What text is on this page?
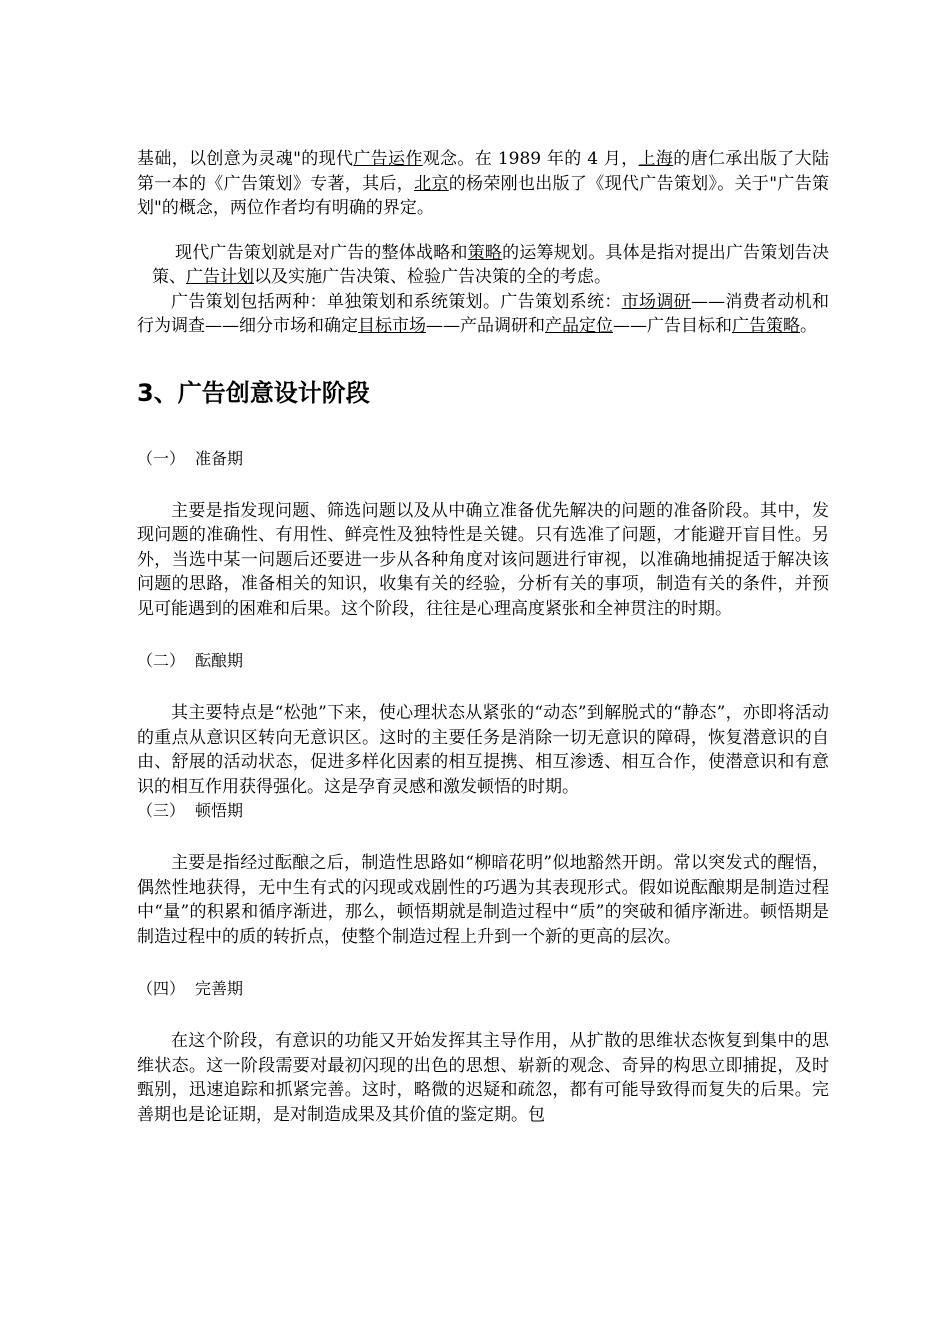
基础，以创意为灵魂"的现代广告运作观念。在 1989 年的 4 月，上海的唐仁承出版了大陆第一本的《广告策划》专著，其后，北京的杨荣刚也出版了《现代广告策划》。关于"广告策划"的概念，两位作者均有明确的界定。

现代广告策划就是对广告的整体战略和策略的运筹规划。具体是指对提出广告策划告决策、广告计划以及实施广告决策、检验广告决策的全的考虑。

广告策划包括两种：单独策划和系统策划。广告策划系统：市场调研——消费者动机和行为调查——细分市场和确定目标市场——产品调研和产品定位——广告目标和广告策略。

3、广告创意设计阶段

（一） 准备期

主要是指发现问题、筛选问题以及从中确立准备优先解决的问题的准备阶段。其中，发现问题的准确性、有用性、鲜亮性及独特性是关键。只有选准了问题，才能避开盲目性。另外，当选中某一问题后还要进一步从各种角度对该问题进行审视，以准确地捕捉适于解决该问题的思路，准备相关的知识，收集有关的经验，分析有关的事项，制造有关的条件，并预见可能遇到的困难和后果。这个阶段，往往是心理高度紧张和全神贯注的时期。

（二） 酝酿期

其主要特点是“松弛”下来，使心理状态从紧张的“动态”到解脱式的“静态”，亦即将活动的重点从意识区转向无意识区。这时的主要任务是消除一切无意识的障碍，恢复潜意识的自由、舒展的活动状态，促进多样化因素的相互提携、相互渗透、相互合作，使潜意识和有意识的相互作用获得强化。这是孕育灵感和激发顿悟的时期。

（三） 顿悟期

主要是指经过酝酿之后，制造性思路如“柳暗花明”似地豁然开朗。常以突发式的醒悟，偶然性地获得，无中生有式的闪现或戏剧性的巧遇为其表现形式。假如说酝酿期是制造过程中“量”的积累和循序渐进，那么，顿悟期就是制造过程中“质”的突破和循序渐进。顿悟期是制造过程中的质的转折点，使整个制造过程上升到一个新的更高的层次。

（四） 完善期

在这个阶段，有意识的功能又开始发挥其主导作用，从扩散的思维状态恢复到集中的思维状态。这一阶段需要对最初闪现的出色的思想、崭新的观念、奇异的构思立即捕捉，及时甄别，迅速追踪和抓紧完善。这时，略微的迟疑和疏忽，都有可能导致得而复失的后果。完善期也是论证期，是对制造成果及其价值的鉴定期。包
